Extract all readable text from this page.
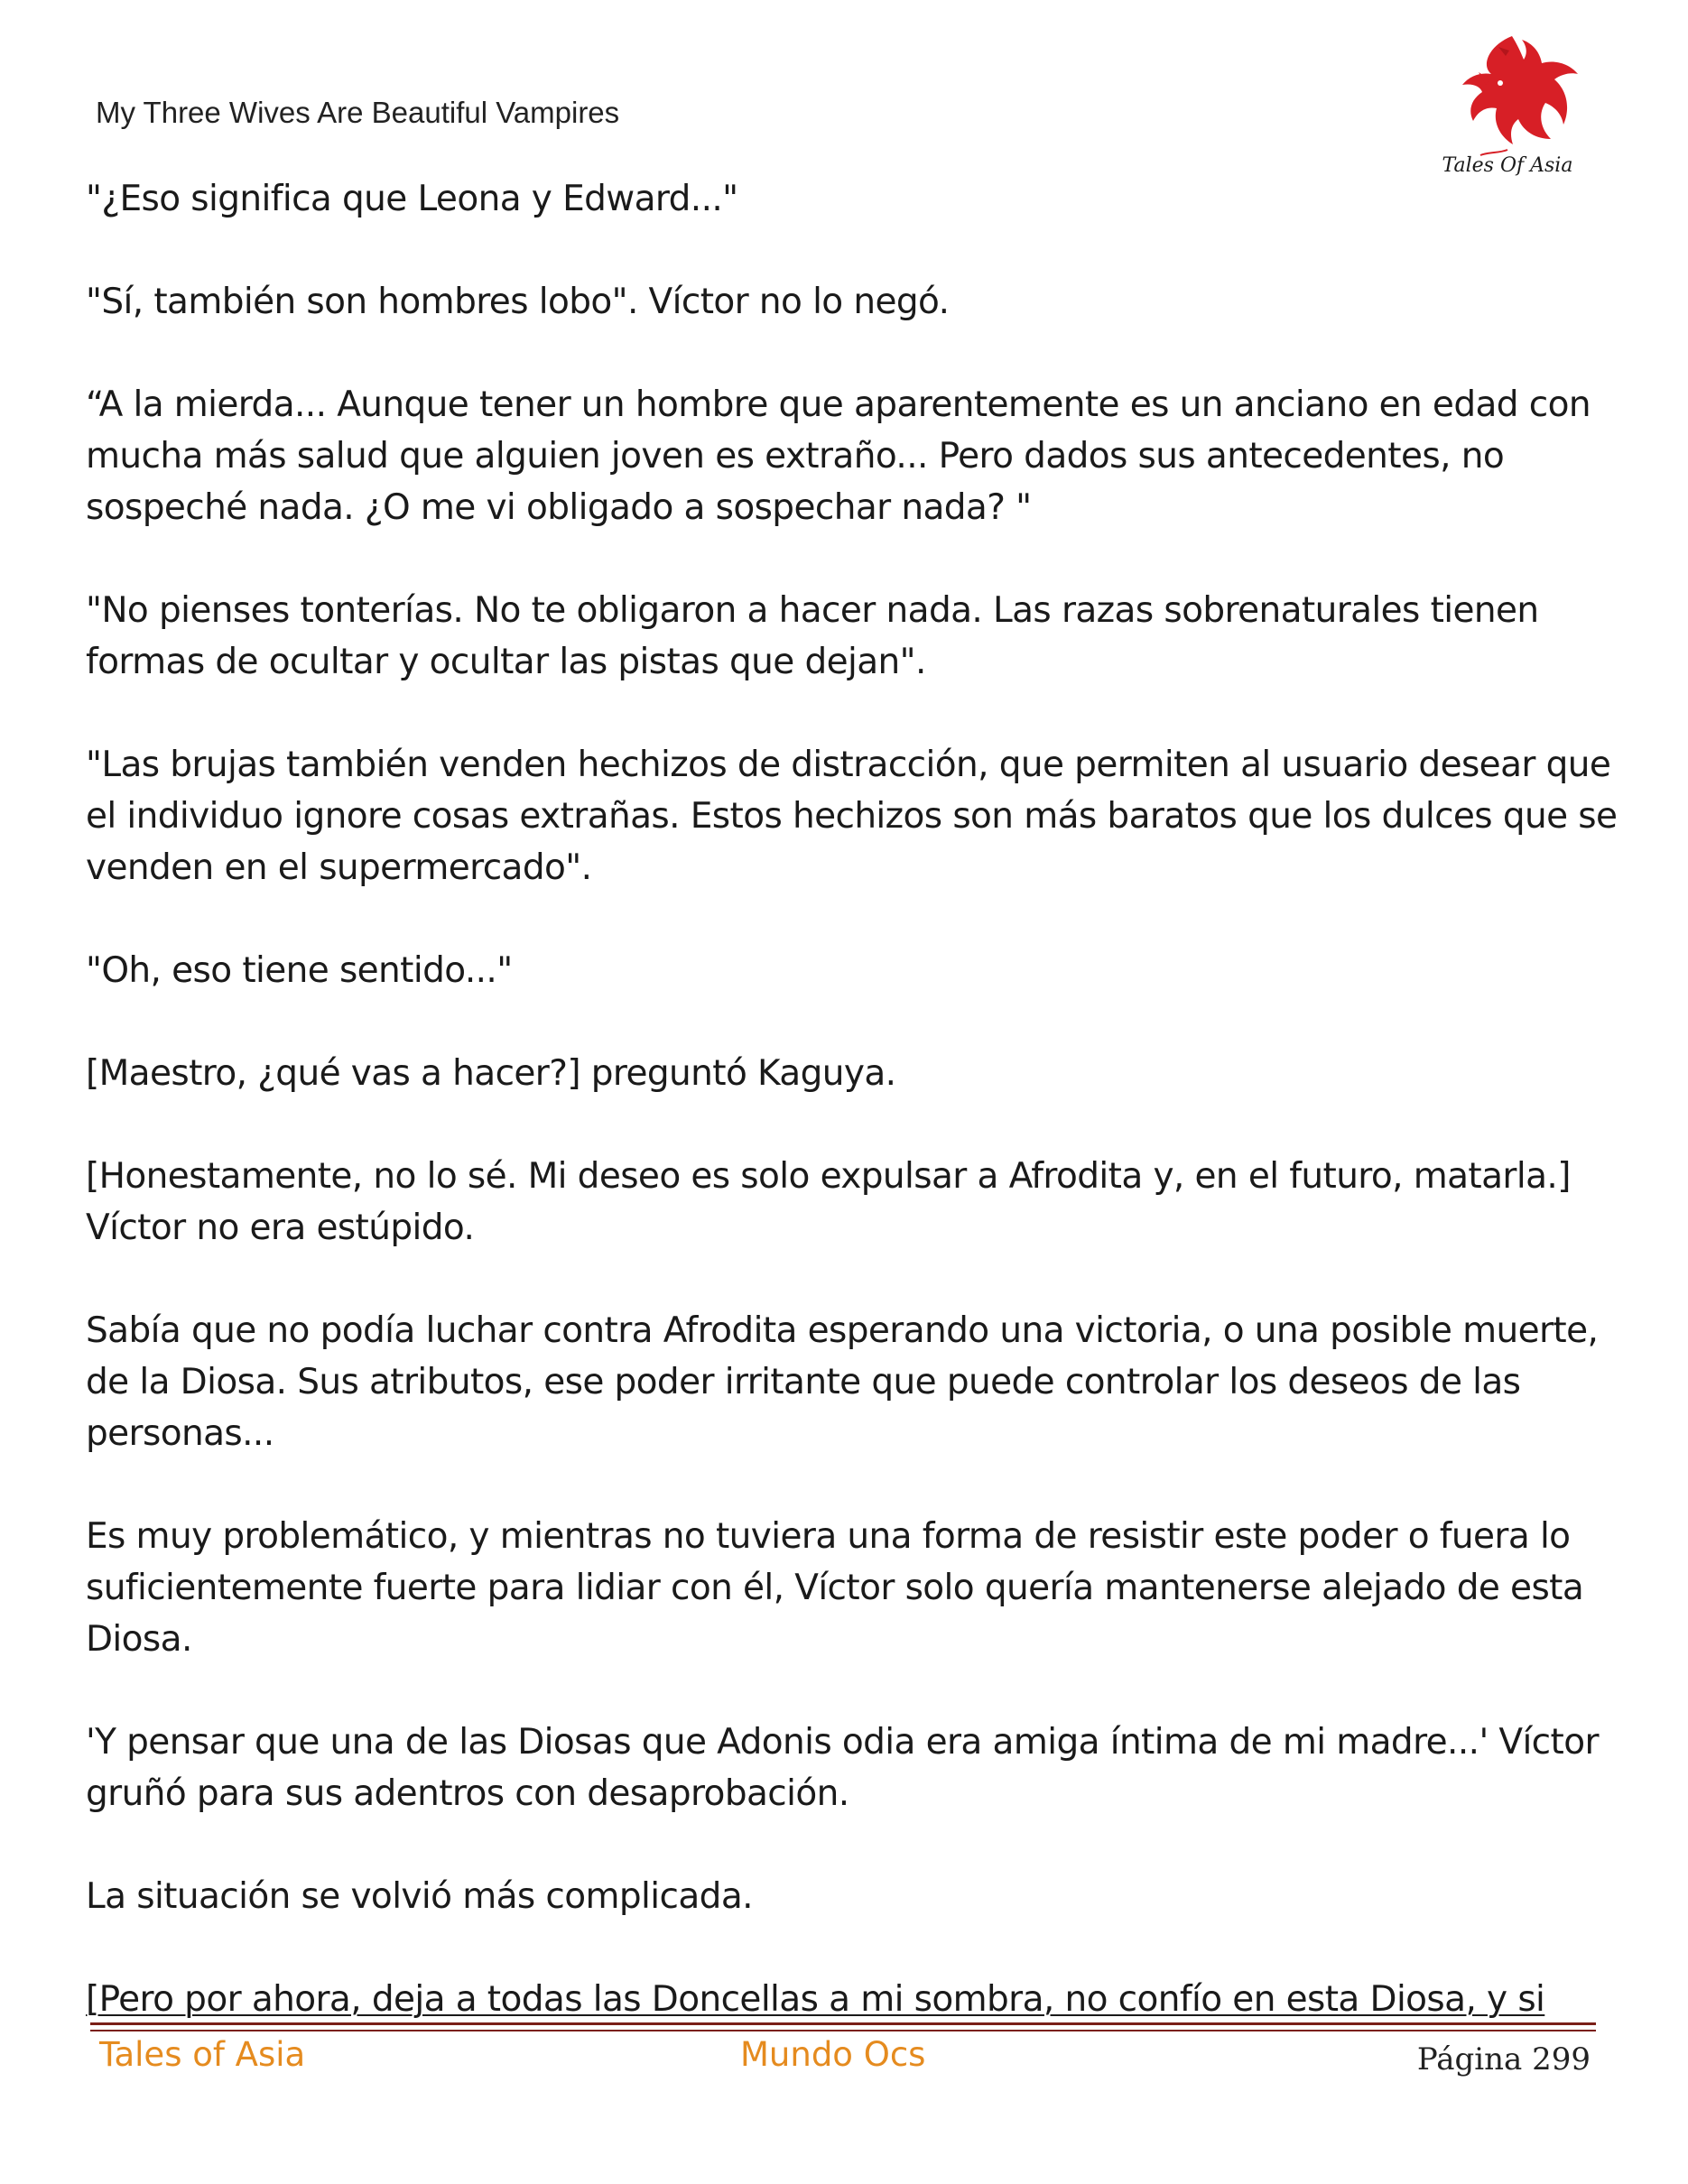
My Three Wives Are Beautiful Vampires
Tales Of Asia

"¿Eso significa que Leona y Edward..."

"Sí, también son hombres lobo". Víctor no lo negó.

“A la mierda... Aunque tener un hombre que aparentemente es un anciano en edad con mucha más salud que alguien joven es extraño... Pero dados sus antecedentes, no sospeché nada. ¿O me vi obligado a sospechar nada? "

"No pienses tonterías. No te obligaron a hacer nada. Las razas sobrenaturales tienen formas de ocultar y ocultar las pistas que dejan".

"Las brujas también venden hechizos de distracción, que permiten al usuario desear que el individuo ignore cosas extrañas. Estos hechizos son más baratos que los dulces que se venden en el supermercado".

"Oh, eso tiene sentido..."

[Maestro, ¿qué vas a hacer?] preguntó Kaguya.

[Honestamente, no lo sé. Mi deseo es solo expulsar a Afrodita y, en el futuro, matarla.] Víctor no era estúpido.

Sabía que no podía luchar contra Afrodita esperando una victoria, o una posible muerte, de la Diosa. Sus atributos, ese poder irritante que puede controlar los deseos de las personas...

Es muy problemático, y mientras no tuviera una forma de resistir este poder o fuera lo suficientemente fuerte para lidiar con él, Víctor solo quería mantenerse alejado de esta Diosa.

'Y pensar que una de las Diosas que Adonis odia era amiga íntima de mi madre...' Víctor gruñó para sus adentros con desaprobación.

La situación se volvió más complicada.

[Pero por ahora, deja a todas las Doncellas a mi sombra, no confío en esta Diosa, y si

Tales of Asia	Mundo Ocs	Página 299
